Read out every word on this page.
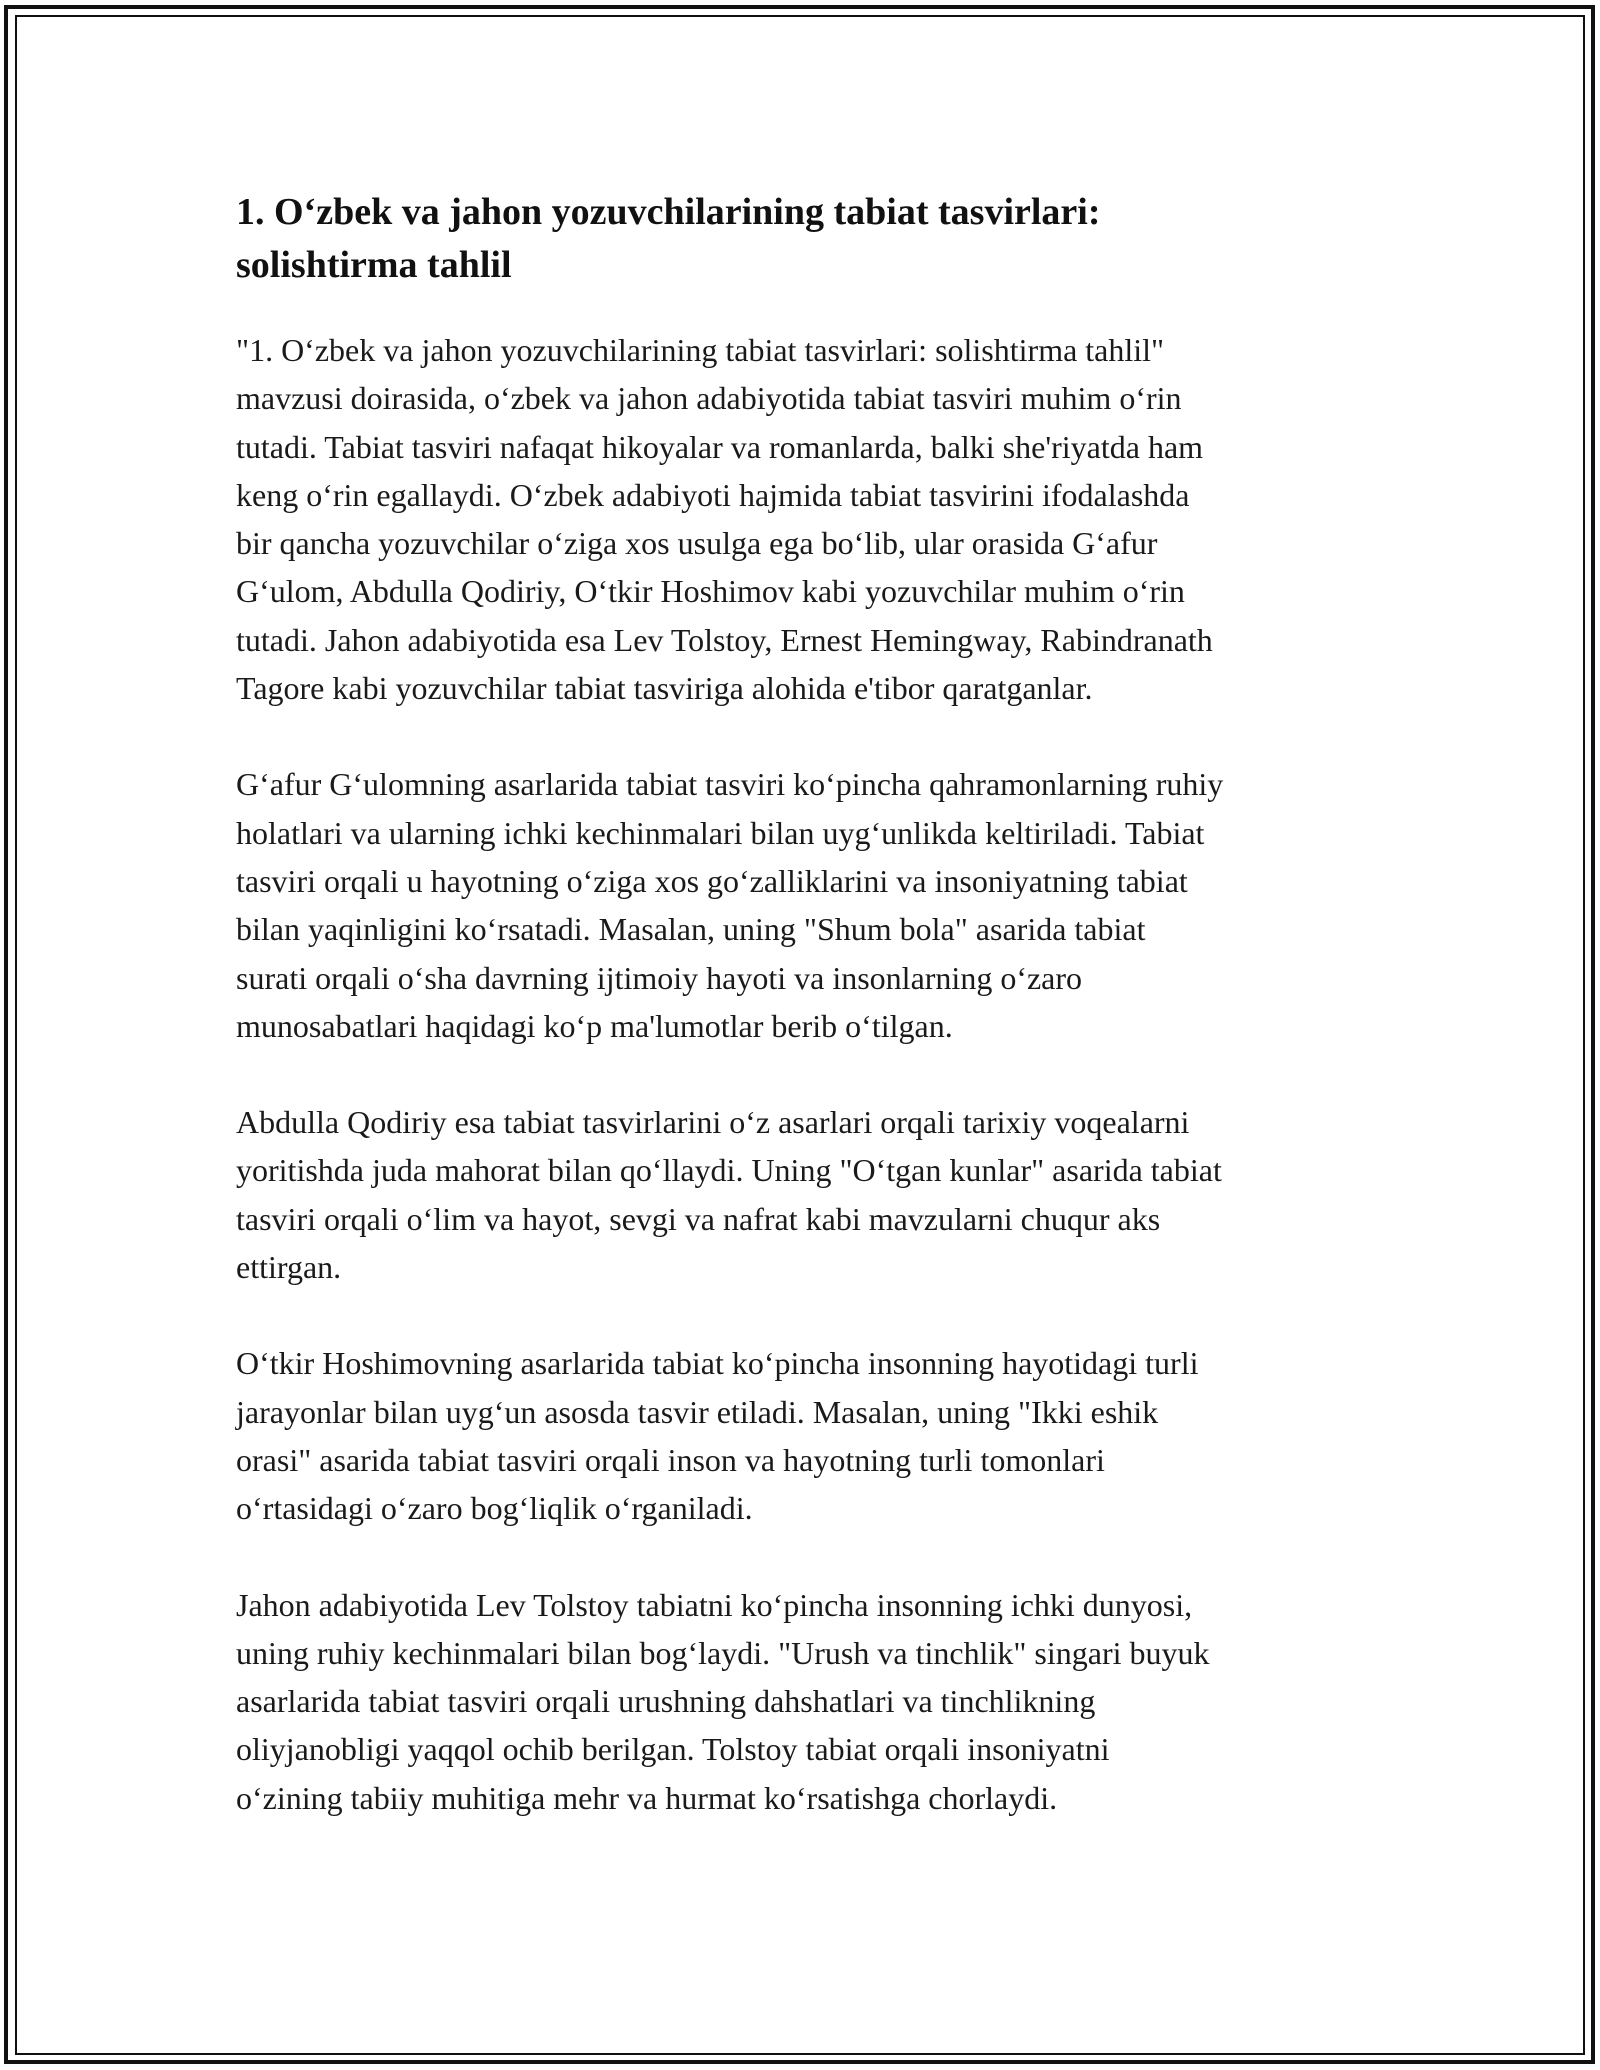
1. O‘zbek va jahon yozuvchilarining tabiat tasvirlari:
solishtirma tahlil

"1. O‘zbek va jahon yozuvchilarining tabiat tasvirlari: solishtirma tahlil"
mavzusi doirasida, o‘zbek va jahon adabiyotida tabiat tasviri muhim o‘rin
tutadi. Tabiat tasviri nafaqat hikoyalar va romanlarda, balki she'riyatda ham
keng o‘rin egallaydi. O‘zbek adabiyoti hajmida tabiat tasvirini ifodalashda
bir qancha yozuvchilar o‘ziga xos usulga ega bo‘lib, ular orasida G‘afur
G‘ulom, Abdulla Qodiriy, O‘tkir Hoshimov kabi yozuvchilar muhim o‘rin
tutadi. Jahon adabiyotida esa Lev Tolstoy, Ernest Hemingway, Rabindranath
Tagore kabi yozuvchilar tabiat tasviriga alohida e'tibor qaratganlar.

G‘afur G‘ulomning asarlarida tabiat tasviri ko‘pincha qahramonlarning ruhiy
holatlari va ularning ichki kechinmalari bilan uyg‘unlikda keltiriladi. Tabiat
tasviri orqali u hayotning o‘ziga xos go‘zalliklarini va insoniyatning tabiat
bilan yaqinligini ko‘rsatadi. Masalan, uning "Shum bola" asarida tabiat
surati orqali o‘sha davrning ijtimoiy hayoti va insonlarning o‘zaro
munosabatlari haqidagi ko‘p ma'lumotlar berib o‘tilgan.

Abdulla Qodiriy esa tabiat tasvirlarini o‘z asarlari orqali tarixiy voqealarni
yoritishda juda mahorat bilan qo‘llaydi. Uning "O‘tgan kunlar" asarida tabiat
tasviri orqali o‘lim va hayot, sevgi va nafrat kabi mavzularni chuqur aks
ettirgan.

O‘tkir Hoshimovning asarlarida tabiat ko‘pincha insonning hayotidagi turli
jarayonlar bilan uyg‘un asosda tasvir etiladi. Masalan, uning "Ikki eshik
orasi" asarida tabiat tasviri orqali inson va hayotning turli tomonlari
o‘rtasidagi o‘zaro bog‘liqlik o‘rganiladi.

Jahon adabiyotida Lev Tolstoy tabiatni ko‘pincha insonning ichki dunyosi,
uning ruhiy kechinmalari bilan bog‘laydi. "Urush va tinchlik" singari buyuk
asarlarida tabiat tasviri orqali urushning dahshatlari va tinchlikning
oliyjanobligi yaqqol ochib berilgan. Tolstoy tabiat orqali insoniyatni
o‘zining tabiiy muhitiga mehr va hurmat ko‘rsatishga chorlaydi.
